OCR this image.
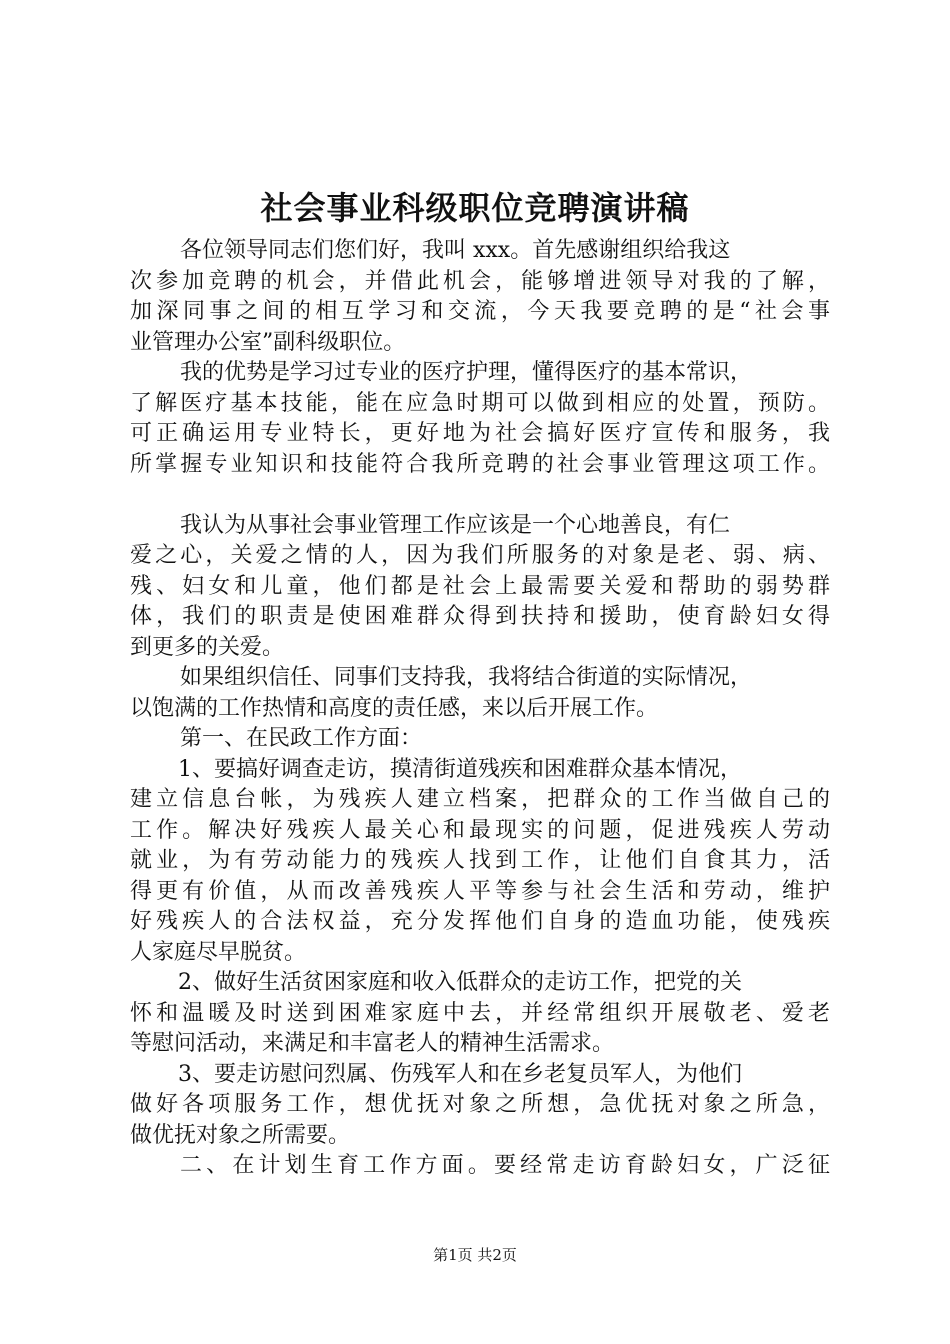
社会事业科级职位竞聘演讲稿
各位领导同志们您们好，我叫 xxx。首先感谢组织给我这
次参加竞聘的机会，并借此机会，能够增进领导对我的了解，
加深同事之间的相互学习和交流，今天我要竞聘的是“社会事
业管理办公室”副科级职位。
我的优势是学习过专业的医疗护理，懂得医疗的基本常识，
了解医疗基本技能，能在应急时期可以做到相应的处置，预防。
可正确运用专业特长，更好地为社会搞好医疗宣传和服务，我
所掌握专业知识和技能符合我所竞聘的社会事业管理这项工作。
我认为从事社会事业管理工作应该是一个心地善良，有仁
爱之心，关爱之情的人，因为我们所服务的对象是老、弱、病、
残、妇女和儿童，他们都是社会上最需要关爱和帮助的弱势群
体，我们的职责是使困难群众得到扶持和援助，使育龄妇女得
到更多的关爱。
如果组织信任、同事们支持我，我将结合街道的实际情况，
以饱满的工作热情和高度的责任感，来以后开展工作。
第一、在民政工作方面：
1、要搞好调查走访，摸清街道残疾和困难群众基本情况，
建立信息台帐，为残疾人建立档案，把群众的工作当做自己的
工作。解决好残疾人最关心和最现实的问题，促进残疾人劳动
就业，为有劳动能力的残疾人找到工作，让他们自食其力，活
得更有价值，从而改善残疾人平等参与社会生活和劳动，维护
好残疾人的合法权益，充分发挥他们自身的造血功能，使残疾
人家庭尽早脱贫。
2、做好生活贫困家庭和收入低群众的走访工作，把党的关
怀和温暖及时送到困难家庭中去，并经常组织开展敬老、爱老
等慰问活动，来满足和丰富老人的精神生活需求。
3、要走访慰问烈属、伤残军人和在乡老复员军人，为他们
做好各项服务工作，想优抚对象之所想，急优抚对象之所急，
做优抚对象之所需要。
二、在计划生育工作方面。要经常走访育龄妇女，广泛征
第1页 共2页
